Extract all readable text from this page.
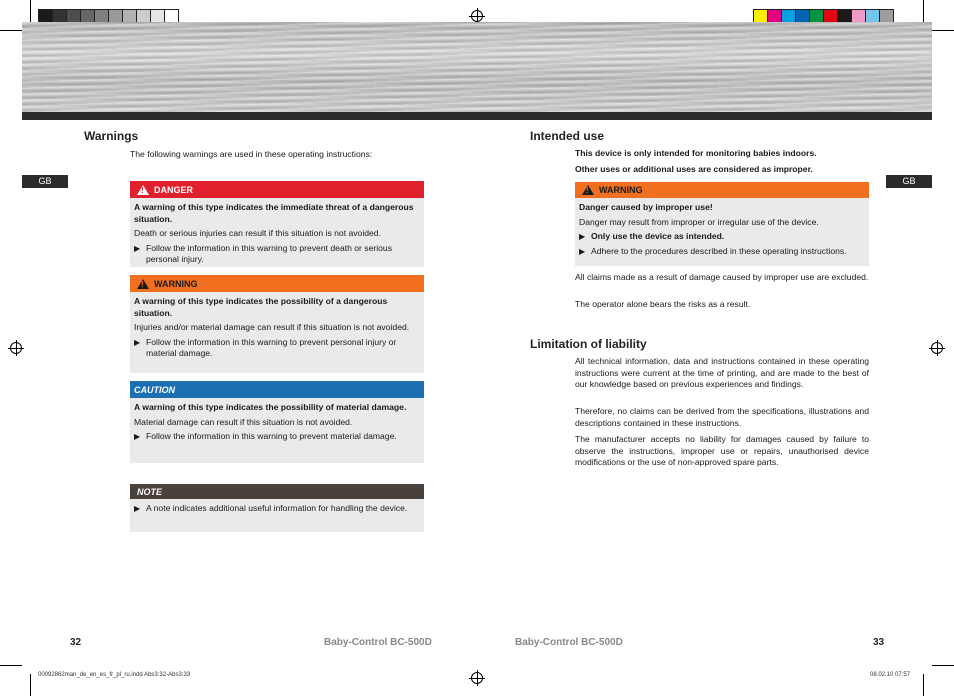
GB
Warnings
The following warnings are used in these operating instructions:
! DANGER
A warning of this type indicates the immediate threat of a dangerous situation.
Death or serious injuries can result if this situation is not avoided.
▶ Follow the information in this warning to prevent death or serious personal injury.
! WARNING
A warning of this type indicates the possibility of a dangerous situation.
Injuries and/or material damage can result if this situation is not avoided.
▶ Follow the information in this warning to prevent personal injury or material damage.
CAUTION
A warning of this type indicates the possibility of material damage.
Material damage can result if this situation is not avoided.
▶ Follow the information in this warning to prevent material damage.
NOTE
▶ A note indicates additional useful information for handling the device.
32	Baby-Control BC-500D
00092862man_de_en_es_fr_pl_ru.indd Abs3:32-Abs3:33
GB
Intended use
This device is only intended for monitoring babies indoors.
Other uses or additional uses are considered as improper.
! WARNING
Danger caused by improper use!
Danger may result from improper or irregular use of the device.
▶ Only use the device as intended.
▶ Adhere to the procedures described in these operating instructions.
All claims made as a result of damage caused by improper use are excluded.
The operator alone bears the risks as a result.
Limitation of liability
All technical information, data and instructions contained in these operating instructions were current at the time of printing, and are made to the best of our knowledge based on previous experiences and findings.
Therefore, no claims can be derived from the specifications, illustrations and descriptions contained in these instructions.
The manufacturer accepts no liability for damages caused by failure to observe the instructions, improper use or repairs, unauthorised device modifications or the use of non-approved spare parts.
Baby-Control BC-500D	33
08.02.10 07:57
